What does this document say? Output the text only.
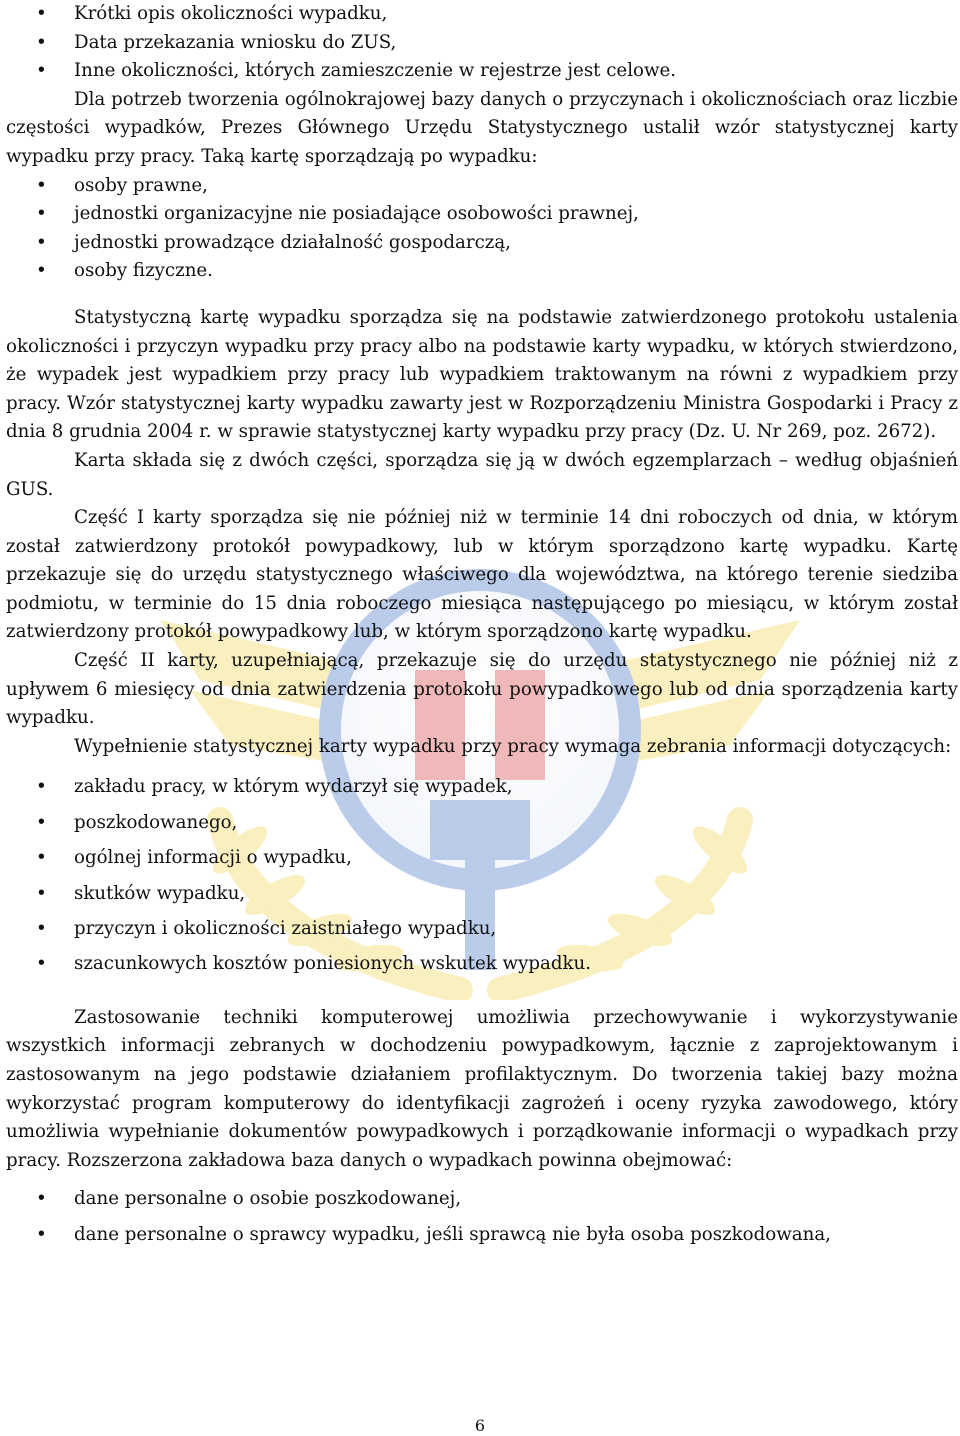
• Krótki opis okoliczności wypadku,
• Data przekazania wniosku do ZUS,
• Inne okoliczności, których zamieszczenie w rejestrze jest celowe.

Dla potrzeb tworzenia ogólnokrajowej bazy danych o przyczynach i okolicznościach oraz liczbie częstości wypadków, Prezes Głównego Urzędu Statystycznego ustalił wzór statystycznej karty wypadku przy pracy. Taką kartę sporządzają po wypadku:

• osoby prawne,
• jednostki organizacyjne nie posiadające osobowości prawnej,
• jednostki prowadzące działalność gospodarczą,
• osoby fizyczne.

Statystyczną kartę wypadku sporządza się na podstawie zatwierdzonego protokołu ustalenia okoliczności i przyczyn wypadku przy pracy albo na podstawie karty wypadku, w których stwierdzono, że wypadek jest wypadkiem przy pracy lub wypadkiem traktowanym na równi z wypadkiem przy pracy. Wzór statystycznej karty wypadku zawarty jest w Rozporządzeniu Ministra Gospodarki i Pracy z dnia 8 grudnia 2004 r. w sprawie statystycznej karty wypadku przy pracy (Dz. U. Nr 269, poz. 2672).

Karta składa się z dwóch części, sporządza się ją w dwóch egzemplarzach – według objaśnień GUS.

Część I karty sporządza się nie później niż w terminie 14 dni roboczych od dnia, w którym został zatwierdzony protokół powypadkowy, lub w którym sporządzono kartę wypadku. Kartę przekazuje się do urzędu statystycznego właściwego dla województwa, na którego terenie siedziba podmiotu, w terminie do 15 dnia roboczego miesiąca następującego po miesiącu, w którym został zatwierdzony protokół powypadkowy lub, w którym sporządzono kartę wypadku.

Część II karty, uzupełniającą, przekazuje się do urzędu statystycznego nie później niż z upływem 6 miesięcy od dnia zatwierdzenia protokołu powypadkowego lub od dnia sporządzenia karty wypadku.

Wypełnienie statystycznej karty wypadku przy pracy wymaga zebrania informacji dotyczących:

• zakładu pracy, w którym wydarzył się wypadek,
• poszkodowanego,
• ogólnej informacji o wypadku,
• skutków wypadku,
• przyczyn i okoliczności zaistniałego wypadku,
• szacunkowych kosztów poniesionych wskutek wypadku.

Zastosowanie techniki komputerowej umożliwia przechowywanie i wykorzystywanie wszystkich informacji zebranych w dochodzeniu powypadkowym, łącznie z zaprojektowanym i zastosowanym na jego podstawie działaniem profilaktycznym. Do tworzenia takiej bazy można wykorzystać program komputerowy do identyfikacji zagrożeń i oceny ryzyka zawodowego, który umożliwia wypełnianie dokumentów powypadkowych i porządkowanie informacji o wypadkach przy pracy. Rozszerzona zakładowa baza danych o wypadkach powinna obejmować:

• dane personalne o osobie poszkodowanej,
• dane personalne o sprawcy wypadku, jeśli sprawcą nie była osoba poszkodowana,
6
